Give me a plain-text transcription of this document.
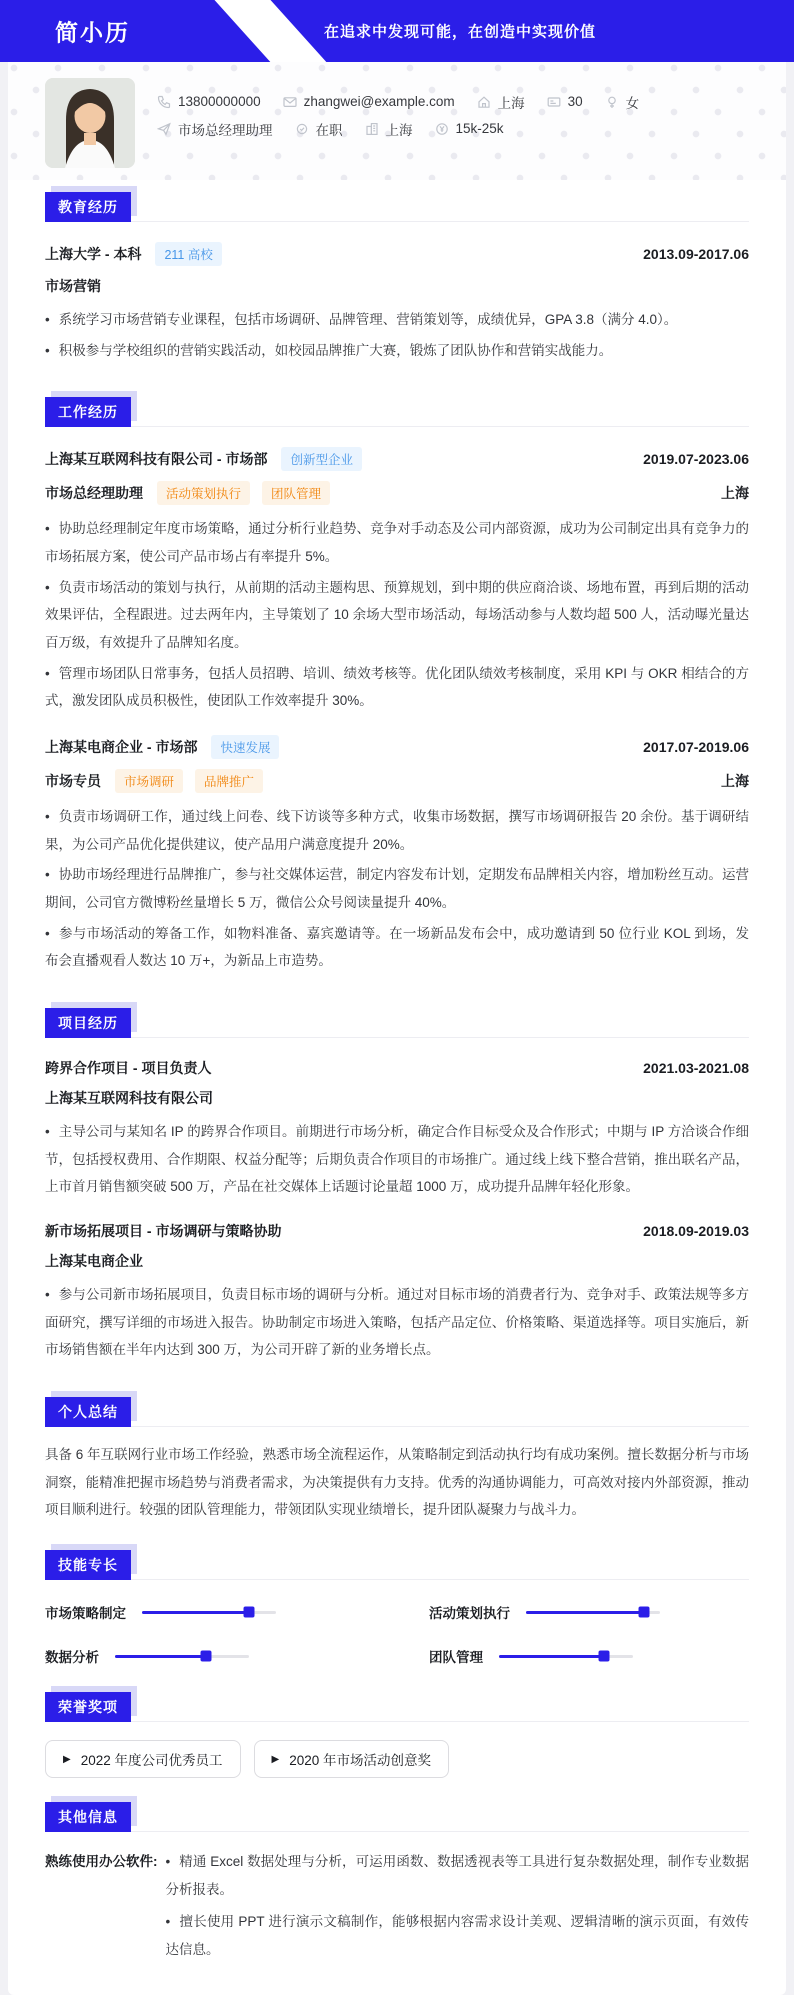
简小历	在追求中发现可能，在创造中实现价值
13800000000	zhangwei@example.com	上海	30	女
市场总经理助理	在职	上海	15k-25k
教育经历
上海大学 - 本科	211 高校	2013.09-2017.06
市场营销

• 系统学习市场营销专业课程，包括市场调研、品牌管理、营销策划等，成绩优异，GPA 3.8（满分 4.0）。

• 积极参与学校组织的营销实践活动，如校园品牌推广大赛，锻炼了团队协作和营销实战能力。

工作经历
上海某互联网科技有限公司 - 市场部	创新型企业	2019.07-2023.06
市场总经理助理	活动策划执行	团队管理	上海

• 协助总经理制定年度市场策略，通过分析行业趋势、竞争对手动态及公司内部资源，成功为公司制定出具有竞争力的市场拓展方案，使公司产品市场占有率提升 5%。

• 负责市场活动的策划与执行，从前期的活动主题构思、预算规划，到中期的供应商洽谈、场地布置，再到后期的活动效果评估，全程跟进。过去两年内，主导策划了 10 余场大型市场活动，每场活动参与人数均超 500 人，活动曝光量达百万级，有效提升了品牌知名度。

• 管理市场团队日常事务，包括人员招聘、培训、绩效考核等。优化团队绩效考核制度，采用 KPI 与 OKR 相结合的方式，激发团队成员积极性，使团队工作效率提升 30%。

上海某电商企业 - 市场部	快速发展	2017.07-2019.06
市场专员	市场调研	品牌推广	上海

• 负责市场调研工作，通过线上问卷、线下访谈等多种方式，收集市场数据，撰写市场调研报告 20 余份。基于调研结果，为公司产品优化提供建议，使产品用户满意度提升 20%。

• 协助市场经理进行品牌推广，参与社交媒体运营，制定内容发布计划，定期发布品牌相关内容，增加粉丝互动。运营期间，公司官方微博粉丝量增长 5 万，微信公众号阅读量提升 40%。

• 参与市场活动的筹备工作，如物料准备、嘉宾邀请等。在一场新品发布会中，成功邀请到 50 位行业 KOL 到场，发布会直播观看人数达 10 万+，为新品上市造势。

项目经历
跨界合作项目 - 项目负责人	2021.03-2021.08
上海某互联网科技有限公司

• 主导公司与某知名 IP 的跨界合作项目。前期进行市场分析，确定合作目标受众及合作形式；中期与 IP 方洽谈合作细节，包括授权费用、合作期限、权益分配等；后期负责合作项目的市场推广。通过线上线下整合营销，推出联名产品，上市首月销售额突破 500 万，产品在社交媒体上话题讨论量超 1000 万，成功提升品牌年轻化形象。

新市场拓展项目 - 市场调研与策略协助	2018.09-2019.03
上海某电商企业

• 参与公司新市场拓展项目，负责目标市场的调研与分析。通过对目标市场的消费者行为、竞争对手、政策法规等多方面研究，撰写详细的市场进入报告。协助制定市场进入策略，包括产品定位、价格策略、渠道选择等。项目实施后，新市场销售额在半年内达到 300 万，为公司开辟了新的业务增长点。

个人总结

具备 6 年互联网行业市场工作经验，熟悉市场全流程运作，从策略制定到活动执行均有成功案例。擅长数据分析与市场洞察，能精准把握市场趋势与消费者需求，为决策提供有力支持。优秀的沟通协调能力，可高效对接内外部资源，推动项目顺利进行。较强的团队管理能力，带领团队实现业绩增长，提升团队凝聚力与战斗力。

技能专长
市场策略制定	活动策划执行
数据分析	团队管理
荣誉奖项
▶ 2022 年度公司优秀员工	▶ 2020 年市场活动创意奖
其他信息
熟练使用办公软件: • 精通 Excel 数据处理与分析，可运用函数、数据透视表等工具进行复杂数据处理，制作专业数据分析报表。

• 擅长使用 PPT 进行演示文稿制作，能够根据内容需求设计美观、逻辑清晰的演示页面，有效传达信息。
